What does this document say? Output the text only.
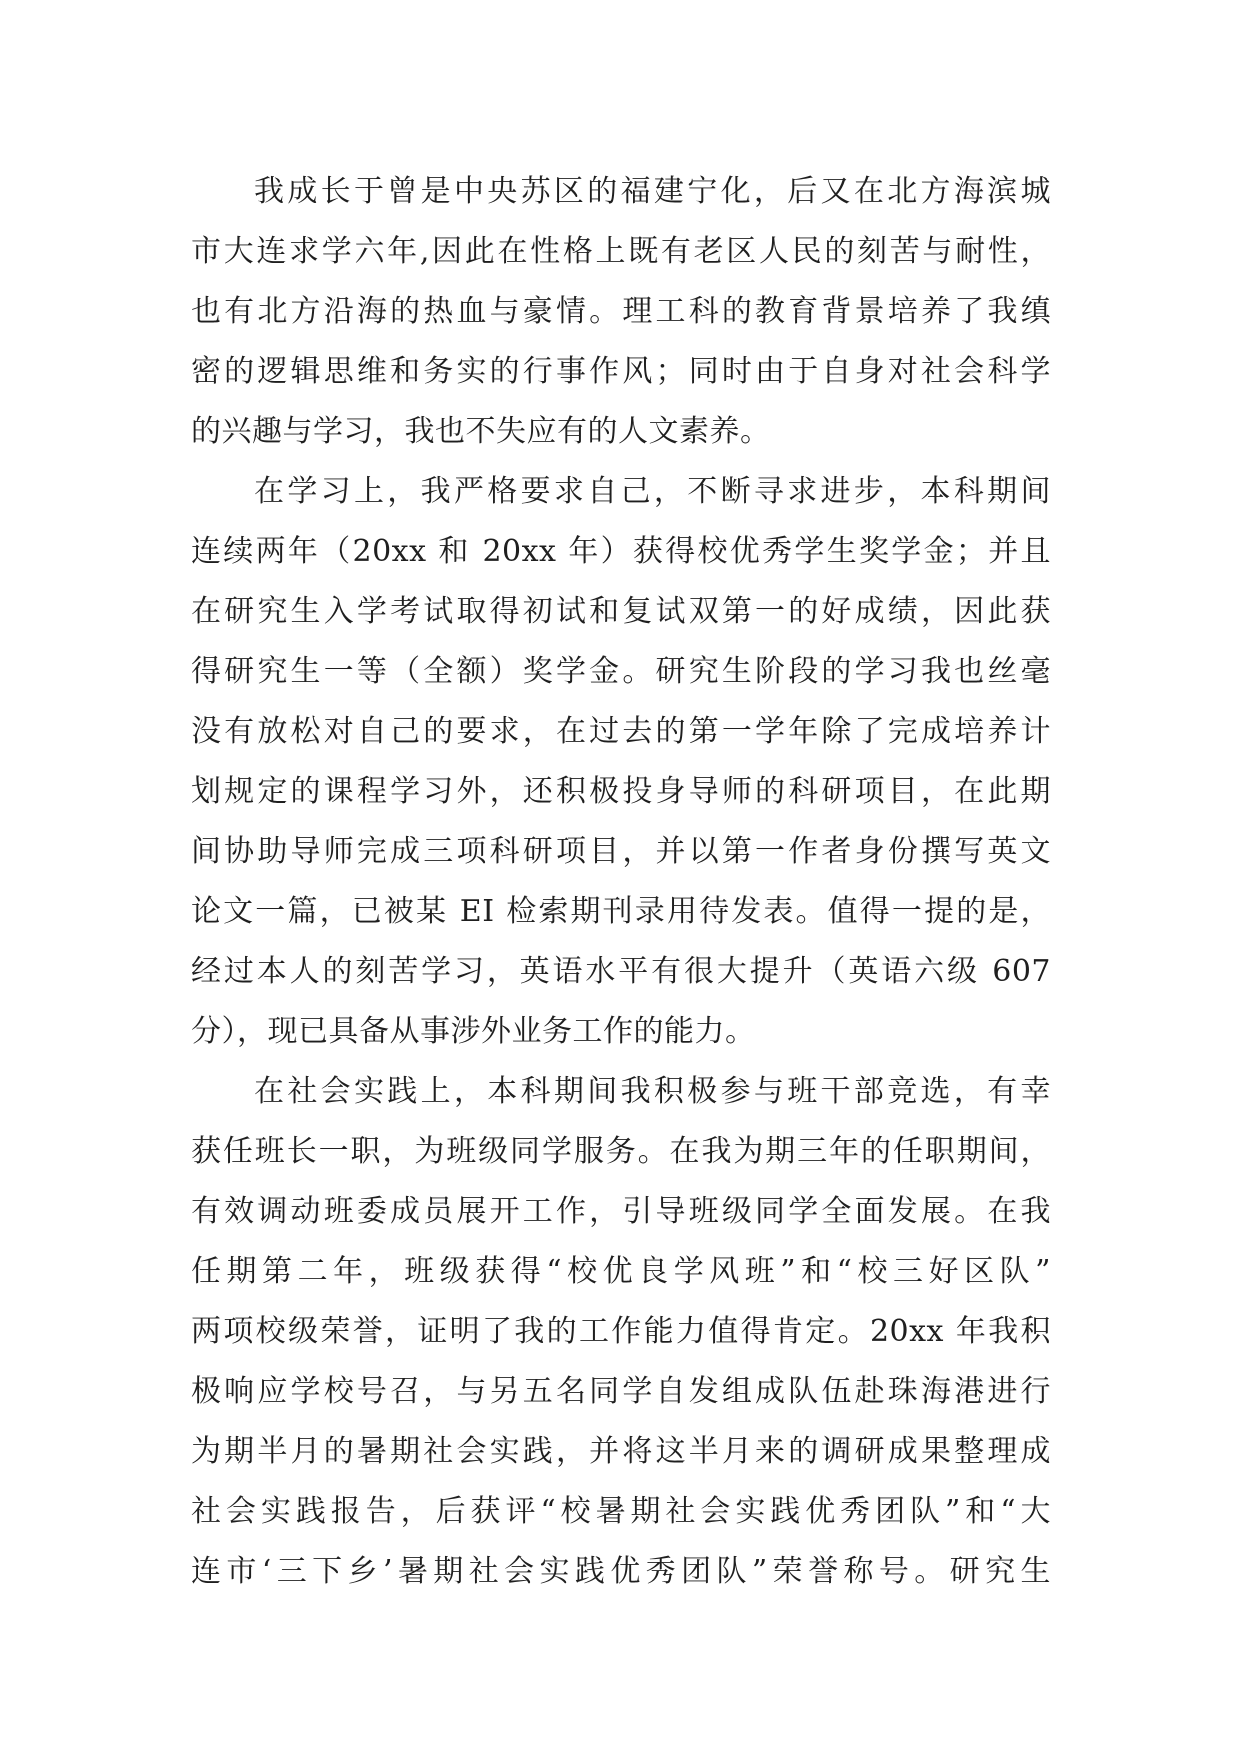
我成长于曾是中央苏区的福建宁化，后又在北方海滨城
市大连求学六年,因此在性格上既有老区人民的刻苦与耐性，
也有北方沿海的热血与豪情。理工科的教育背景培养了我缜
密的逻辑思维和务实的行事作风；同时由于自身对社会科学
的兴趣与学习，我也不失应有的人文素养。
在学习上，我严格要求自己，不断寻求进步，本科期间
连续两年（20xx 和 20xx 年）获得校优秀学生奖学金；并且
在研究生入学考试取得初试和复试双第一的好成绩，因此获
得研究生一等（全额）奖学金。研究生阶段的学习我也丝毫
没有放松对自己的要求，在过去的第一学年除了完成培养计
划规定的课程学习外，还积极投身导师的科研项目，在此期
间协助导师完成三项科研项目，并以第一作者身份撰写英文
论文一篇，已被某 EI 检索期刊录用待发表。值得一提的是，
经过本人的刻苦学习，英语水平有很大提升（英语六级 607
分），现已具备从事涉外业务工作的能力。
在社会实践上，本科期间我积极参与班干部竞选，有幸
获任班长一职，为班级同学服务。在我为期三年的任职期间，
有效调动班委成员展开工作，引导班级同学全面发展。在我
任期第二年，班级获得“校优良学风班”和“校三好区队”
两项校级荣誉，证明了我的工作能力值得肯定。20xx 年我积
极响应学校号召，与另五名同学自发组成队伍赴珠海港进行
为期半月的暑期社会实践，并将这半月来的调研成果整理成
社会实践报告，后获评“校暑期社会实践优秀团队”和“大
连市‘三下乡’暑期社会实践优秀团队”荣誉称号。研究生
